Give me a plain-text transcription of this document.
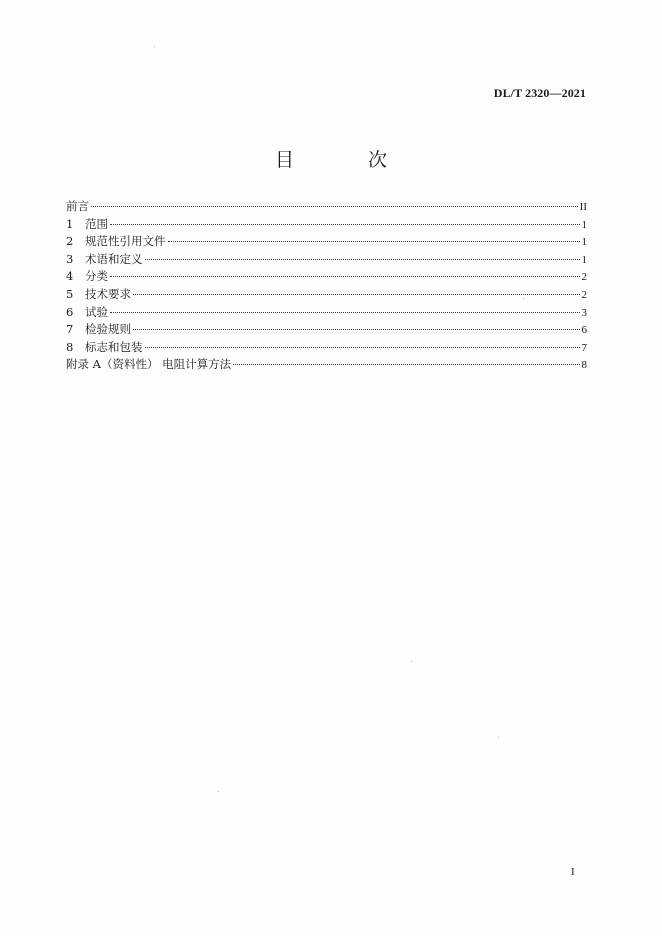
DL/T 2320—2021
目 次
前言	II
1	范围	1
2	规范性引用文件	1
3	术语和定义	1
4	分类	2
5	技术要求	2
6	试验	3
7	检验规则	6
8	标志和包装	7
附录 A（资料性） 电阻计算方法	8
I
